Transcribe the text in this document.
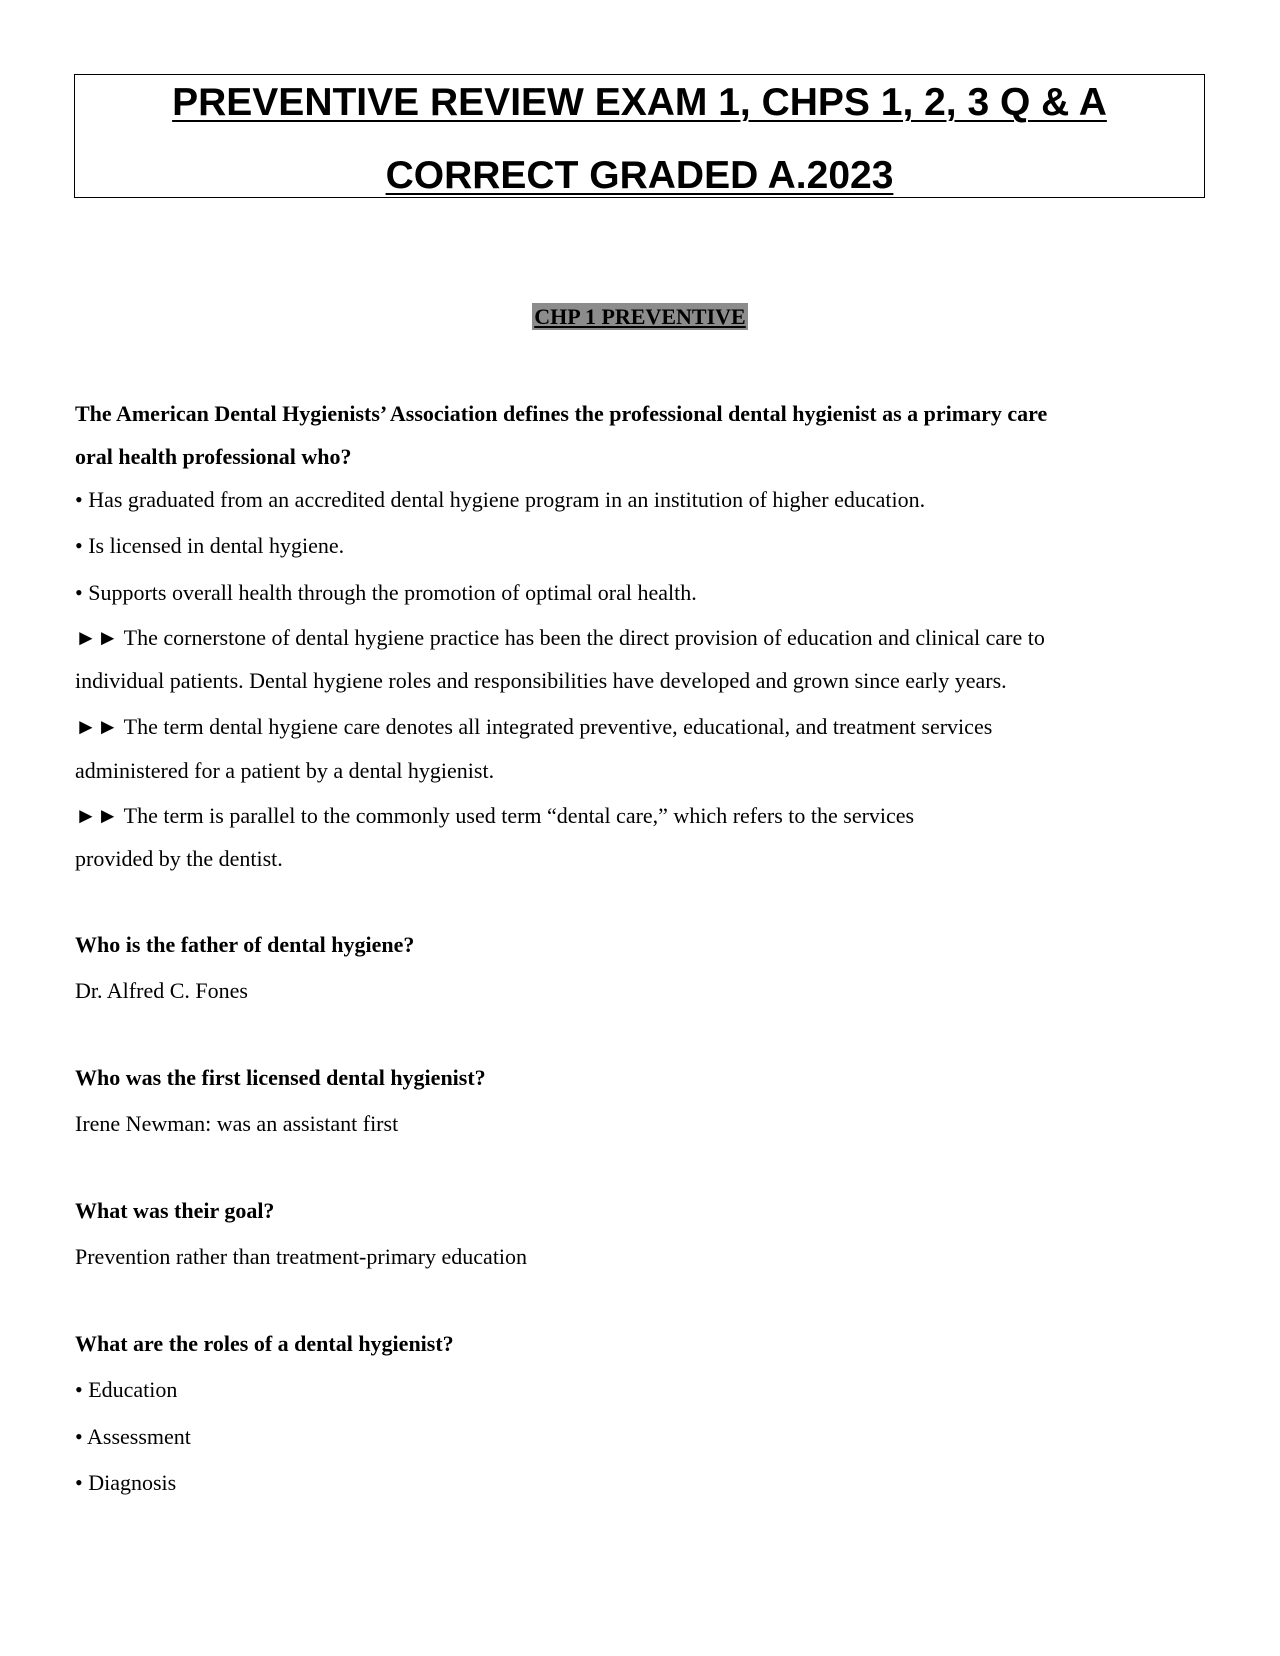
PREVENTIVE REVIEW EXAM 1, CHPS 1, 2, 3 Q & A
CORRECT GRADED A.2023
CHP 1 PREVENTIVE
The American Dental Hygienists’ Association defines the professional dental hygienist as a primary care
oral health professional who?
• Has graduated from an accredited dental hygiene program in an institution of higher education.
• Is licensed in dental hygiene.
• Supports overall health through the promotion of optimal oral health.
►► The cornerstone of dental hygiene practice has been the direct provision of education and clinical care to
individual patients. Dental hygiene roles and responsibilities have developed and grown since early years.
►► The term dental hygiene care denotes all integrated preventive, educational, and treatment services
administered for a patient by a dental hygienist.
►► The term is parallel to the commonly used term “dental care,” which refers to the services
provided by the dentist.
Who is the father of dental hygiene?
Dr. Alfred C. Fones
Who was the first licensed dental hygienist?
Irene Newman: was an assistant first
What was their goal?
Prevention rather than treatment-primary education
What are the roles of a dental hygienist?
• Education
• Assessment
• Diagnosis
